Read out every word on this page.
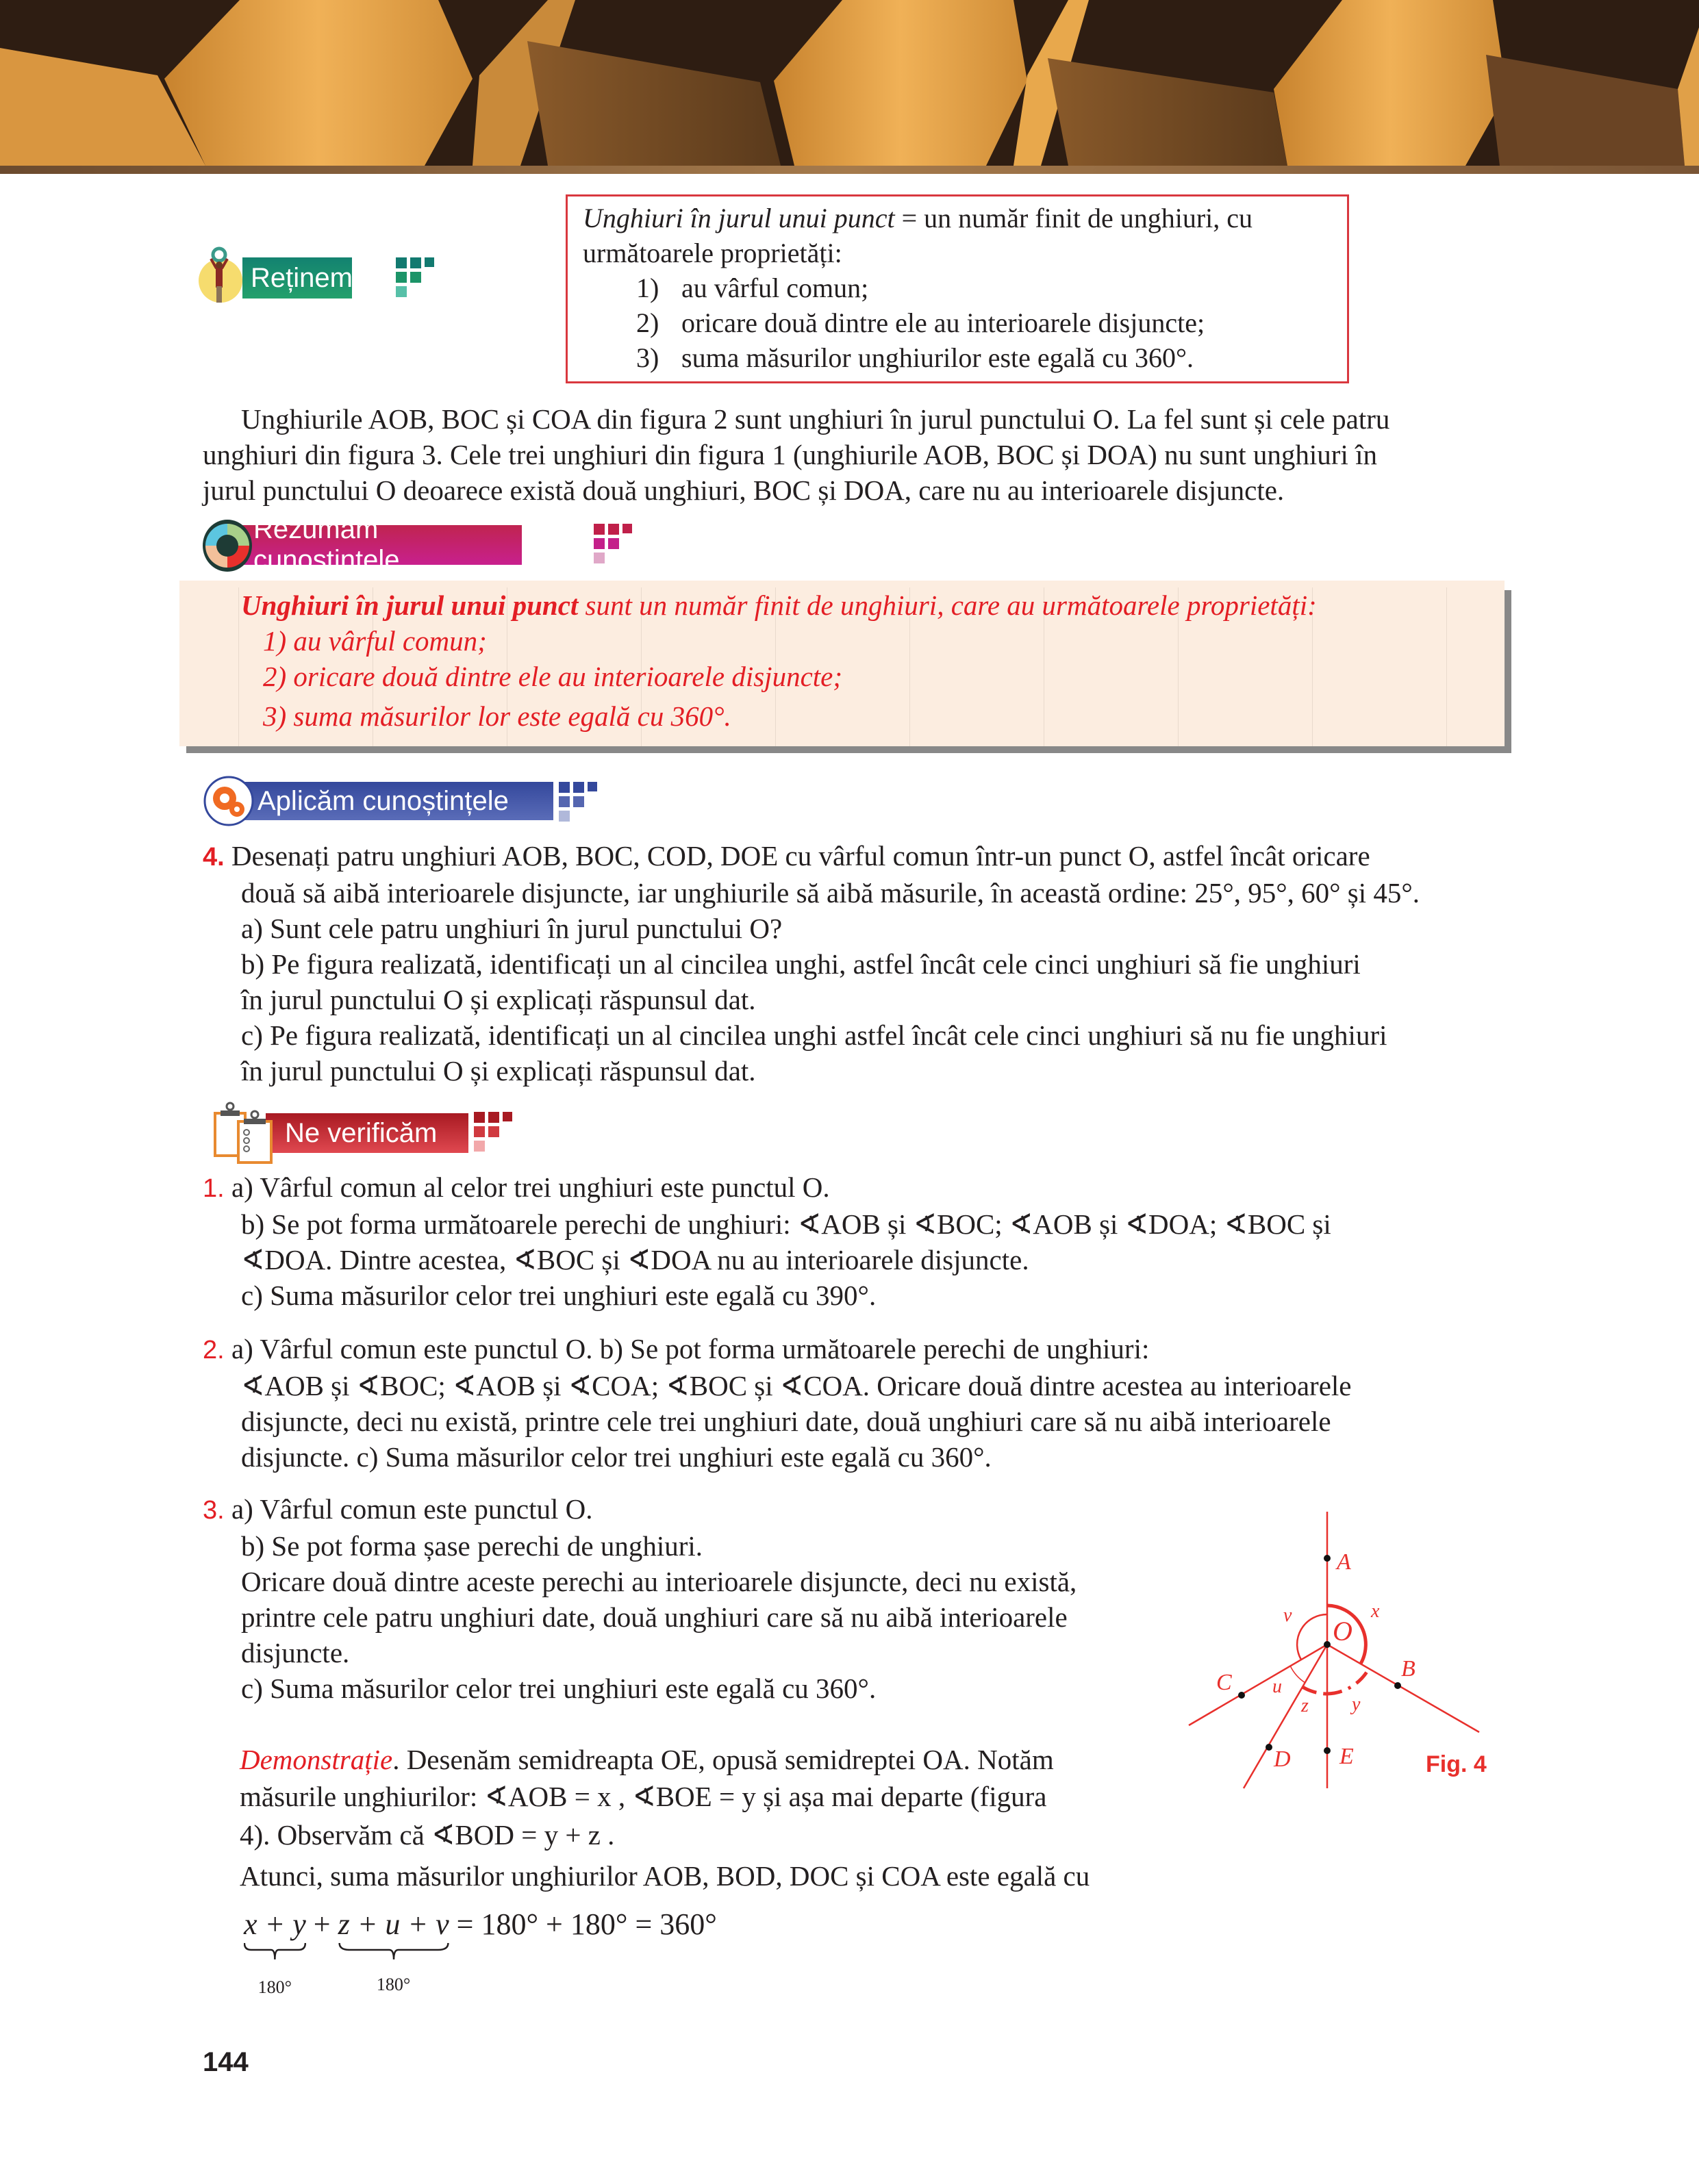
Reținem
Unghiuri în jurul unui punct = un număr finit de unghiuri, cu
următoarele proprietăți:
1) au vârful comun;
2) oricare două dintre ele au interioarele disjuncte;
3) suma măsurilor unghiurilor este egală cu 360°.
Unghiurile AOB, BOC și COA din figura 2 sunt unghiuri în jurul punctului O. La fel sunt și cele patru
unghiuri din figura 3. Cele trei unghiuri din figura 1 (unghiurile AOB, BOC și DOA) nu sunt unghiuri în
jurul punctului O deoarece există două unghiuri, BOC și DOA, care nu au interioarele disjuncte.
Rezumăm cunoștințele
Unghiuri în jurul unui punct sunt un număr finit de unghiuri, care au următoarele proprietăți:
1) au vârful comun;
2) oricare două dintre ele au interioarele disjuncte;
3) suma măsurilor lor este egală cu 360°.
Aplicăm cunoștințele
4. Desenați patru unghiuri AOB, BOC, COD, DOE cu vârful comun într-un punct O, astfel încât oricare
două să aibă interioarele disjuncte, iar unghiurile să aibă măsurile, în această ordine: 25°, 95°, 60° și 45°.
a) Sunt cele patru unghiuri în jurul punctului O?
b) Pe figura realizată, identificați un al cincilea unghi, astfel încât cele cinci unghiuri să fie unghiuri
în jurul punctului O și explicați răspunsul dat.
c) Pe figura realizată, identificați un al cincilea unghi astfel încât cele cinci unghiuri să nu fie unghiuri
în jurul punctului O și explicați răspunsul dat.
Ne verificăm
1. a) Vârful comun al celor trei unghiuri este punctul O.
b) Se pot forma următoarele perechi de unghiuri: ∢AOB și ∢BOC; ∢AOB și ∢DOA; ∢BOC și
∢DOA. Dintre acestea, ∢BOC și ∢DOA nu au interioarele disjuncte.
c) Suma măsurilor celor trei unghiuri este egală cu 390°.
2. a) Vârful comun este punctul O. b) Se pot forma următoarele perechi de unghiuri:
∢AOB și ∢BOC; ∢AOB și ∢COA; ∢BOC și ∢COA. Oricare două dintre acestea au interioarele
disjuncte, deci nu există, printre cele trei unghiuri date, două unghiuri care să nu aibă interioarele
disjuncte. c) Suma măsurilor celor trei unghiuri este egală cu 360°.
3. a) Vârful comun este punctul O.
b) Se pot forma șase perechi de unghiuri.
Oricare două dintre aceste perechi au interioarele disjuncte, deci nu există,
printre cele patru unghiuri date, două unghiuri care să nu aibă interioarele
disjuncte.
c) Suma măsurilor celor trei unghiuri este egală cu 360°.
Demonstrație. Desenăm semidreapta OE, opusă semidreptei OA. Notăm
măsurile unghiurilor: ∢AOB = x , ∢BOE = y și așa mai departe (figura
4). Observăm că ∢BOD = y + z .
Atunci, suma măsurilor unghiurilor AOB, BOD, DOC și COA este egală cu
x + y
180°
+ z + u + v
180°
= 180° + 180° = 360°
A
B
C
D E
O
x
y
z
u
v
Fig. 4
144
